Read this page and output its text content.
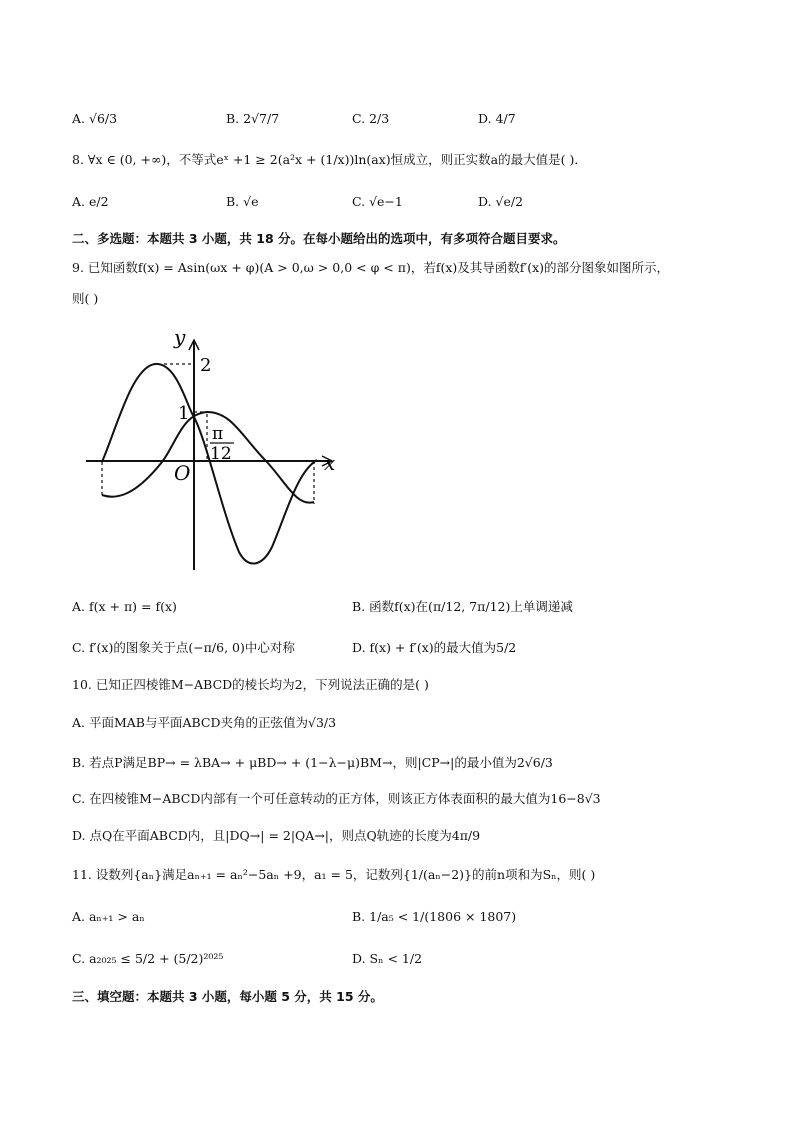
A. √6/3	B. 2√7/7	C. 2/3	D. 4/7
8. ∀x ∈ (0, +∞)，不等式eˣ +1 ≥ 2(a²x + (1/x))ln(ax)恒成立，则正实数a的最大值是( )．
A. e/2	B. √e	C. √e−1	D. √e/2
二、多选题：本题共 3 小题，共 18 分。在每小题给出的选项中，有多项符合题目要求。
9. 已知函数f(x) = Asin(ωx + φ)(A > 0,ω > 0,0 < φ < π)，若f(x)及其导函数f′(x)的部分图象如图所示，
则( )
y
2
1
π
12
O	x
A. f(x + π) = f(x)	B. 函数f(x)在(π/12, 7π/12)上单调递减
C. f′(x)的图象关于点(−π/6, 0)中心对称	D. f(x) + f′(x)的最大值为5/2
10. 已知正四棱锥M−ABCD的棱长均为2，下列说法正确的是( )
A. 平面MAB与平面ABCD夹角的正弦值为√3/3
B. 若点P满足BP→ = λBA→ + μBD→ + (1−λ−μ)BM→，则|CP→|的最小值为2√6/3
C. 在四棱锥M−ABCD内部有一个可任意转动的正方体，则该正方体表面积的最大值为16−8√3
D. 点Q在平面ABCD内，且|DQ→| = 2|QA→|，则点Q轨迹的长度为4π/9
11. 设数列{aₙ}满足aₙ₊₁ = aₙ²−5aₙ +9，a₁ = 5，记数列{1/(aₙ−2)}的前n项和为Sₙ，则( )
A. aₙ₊₁ > aₙ	B. 1/a₅ < 1/(1806 × 1807)
C. a₂₀₂₅ ≤ 5/2 + (5/2)²⁰²⁵	D. Sₙ < 1/2
三、填空题：本题共 3 小题，每小题 5 分，共 15 分。
